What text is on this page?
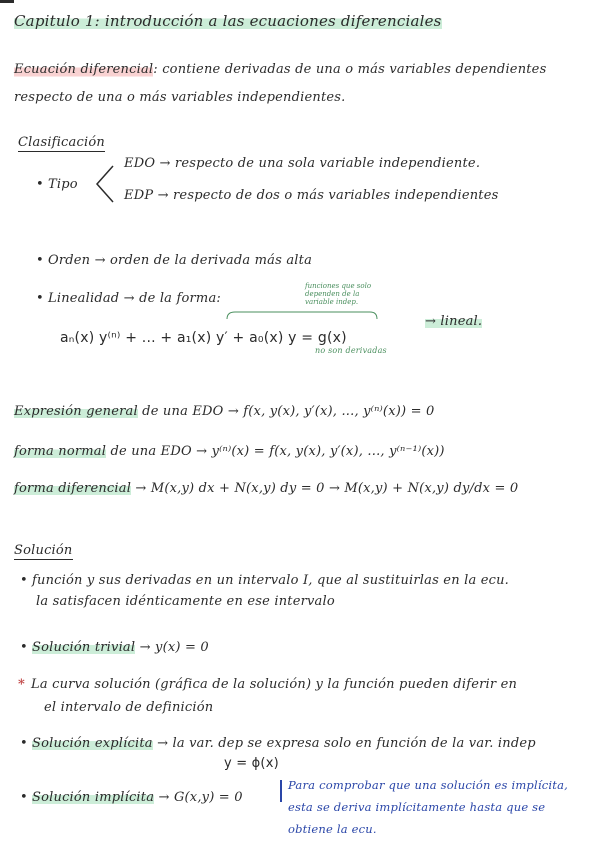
Capitulo 1: introducción a las ecuaciones diferenciales
Ecuación diferencial: contiene derivadas de una o más variables dependientes
respecto de una o más variables independientes.
Clasificación
• Tipo
EDO → respecto de una sola variable independiente.
EDP → respecto de dos o más variables independientes
• Orden → orden de la derivada más alta
• Linealidad → de la forma:
funciones que solo dependen de la variable indep.
aₙ(x) y⁽ⁿ⁾ + ... + a₁(x) y′ + a₀(x) y = g(x)
→ lineal.
no son derivadas
Expresión general de una EDO → f(x, y(x), y′(x), ..., y⁽ⁿ⁾(x)) = 0
forma normal de una EDO → y⁽ⁿ⁾(x) = f(x, y(x), y′(x), ..., y⁽ⁿ⁻¹⁾(x))
forma diferencial → M(x,y) dx + N(x,y) dy = 0 → M(x,y) + N(x,y) dy/dx = 0
Solución
• función y sus derivadas en un intervalo I, que al sustituirlas en la ecu.
la satisfacen idénticamente en ese intervalo
• Solución trivial → y(x) = 0
* La curva solución (gráfica de la solución) y la función pueden diferir en
el intervalo de definición
• Solución explícita → la var. dep se expresa solo en función de la var. indep
y = ϕ(x)
• Solución implícita → G(x,y) = 0
Para comprobar que una solución es implícita,
esta se deriva implícitamente hasta que se
obtiene la ecu.
